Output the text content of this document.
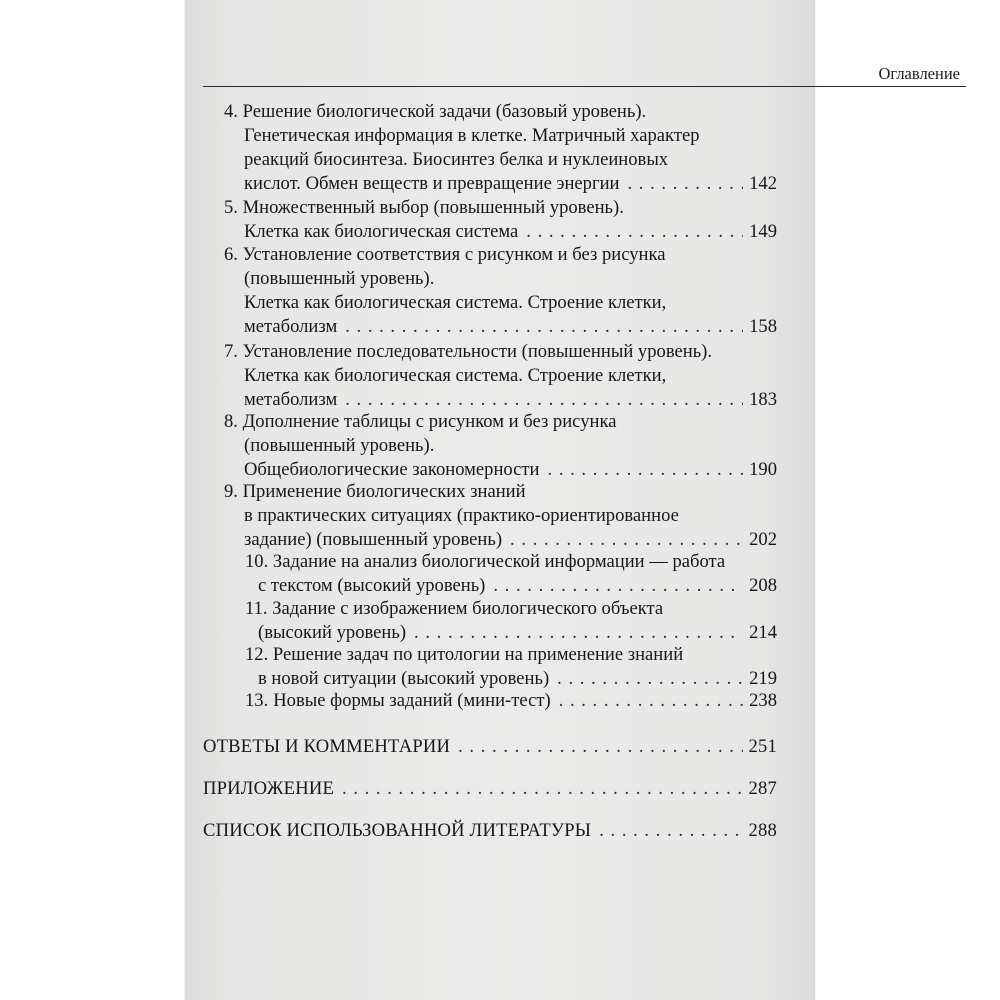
Оглавление
4. Решение биологической задачи (базовый уровень).
Генетическая информация в клетке. Матричный характер
реакций биосинтеза. Биосинтез белка и нуклеиновых
кислот. Обмен веществ и превращение энергии . . .	142
5. Множественный выбор (повышенный уровень).
Клетка как биологическая система . . .	149
6. Установление соответствия с рисунком и без рисунка
(повышенный уровень).
Клетка как биологическая система. Строение клетки,
метаболизм . . .	158
7. Установление последовательности (повышенный уровень).
Клетка как биологическая система. Строение клетки,
метаболизм . . .	183
8. Дополнение таблицы с рисунком и без рисунка
(повышенный уровень).
Общебиологические закономерности . . .	190
9. Применение биологических знаний
в практических ситуациях (практико-ориентированное
задание) (повышенный уровень) . . .	202
10. Задание на анализ биологической информации — работа
с текстом (высокий уровень) . . .	208
11. Задание с изображением биологического объекта
(высокий уровень) . . .	214
12. Решение задач по цитологии на применение знаний
в новой ситуации (высокий уровень) . . .	219
13. Новые формы заданий (мини-тест) . . .	238
ОТВЕТЫ И КОММЕНТАРИИ . . .	251
ПРИЛОЖЕНИЕ . . .	287
СПИСОК ИСПОЛЬЗОВАННОЙ ЛИТЕРАТУРЫ . . .	288
